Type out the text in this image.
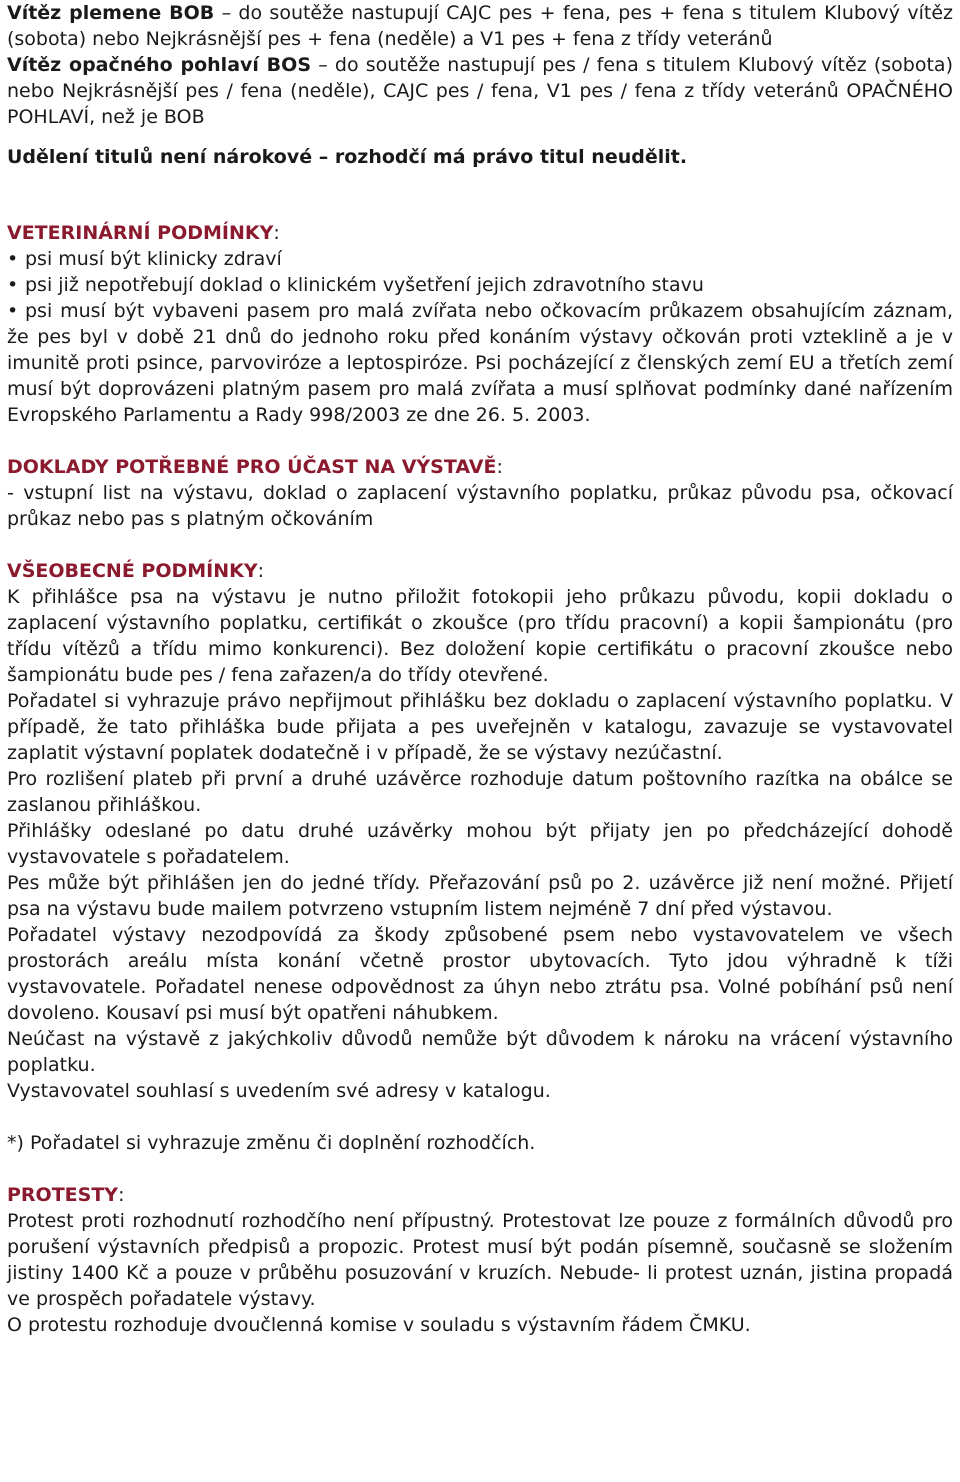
Vítěz plemene BOB – do soutěže nastupují CAJC pes + fena, pes + fena s titulem Klubový vítěz (sobota) nebo Nejkrásnější pes + fena (neděle) a V1 pes + fena z třídy veteránů

Vítěz opačného pohlaví BOS – do soutěže nastupují pes / fena s titulem Klubový vítěz (sobota) nebo Nejkrásnější pes / fena (neděle), CAJC pes / fena, V1 pes / fena z třídy veteránů OPAČNÉHO POHLAVÍ, než je BOB

Udělení titulů není nárokové – rozhodčí má právo titul neudělit.

VETERINÁRNÍ PODMÍNKY:

• psi musí být klinicky zdraví

• psi již nepotřebují doklad o klinickém vyšetření jejich zdravotního stavu

• psi musí být vybaveni pasem pro malá zvířata nebo očkovacím průkazem obsahujícím záznam, že pes byl v době 21 dnů do jednoho roku před konáním výstavy očkován proti vzteklině a je v imunitě proti psince, parvoviróze a leptospiróze. Psi pocházející z členských zemí EU a třetích zemí musí být doprovázeni platným pasem pro malá zvířata a musí splňovat podmínky dané nařízením Evropského Parlamentu a Rady 998/2003 ze dne 26. 5. 2003.

DOKLADY POTŘEBNÉ PRO ÚČAST NA VÝSTAVĚ:

- vstupní list na výstavu, doklad o zaplacení výstavního poplatku, průkaz původu psa, očkovací průkaz nebo pas s platným očkováním

VŠEOBECNÉ PODMÍNKY:

K přihlášce psa na výstavu je nutno přiložit fotokopii jeho průkazu původu, kopii dokladu o zaplacení výstavního poplatku, certifikát o zkoušce (pro třídu pracovní) a kopii šampionátu (pro třídu vítězů a třídu mimo konkurenci). Bez doložení kopie certifikátu o pracovní zkoušce nebo šampionátu bude pes / fena zařazen/a do třídy otevřené.

Pořadatel si vyhrazuje právo nepřijmout přihlášku bez dokladu o zaplacení výstavního poplatku. V případě, že tato přihláška bude přijata a pes uveřejněn v katalogu, zavazuje se vystavovatel zaplatit výstavní poplatek dodatečně i v případě, že se výstavy nezúčastní.

Pro rozlišení plateb při první a druhé uzávěrce rozhoduje datum poštovního razítka na obálce se zaslanou přihláškou.

Přihlášky odeslané po datu druhé uzávěrky mohou být přijaty jen po předcházející dohodě vystavovatele s pořadatelem.

Pes může být přihlášen jen do jedné třídy. Přeřazování psů po 2. uzávěrce již není možné. Přijetí psa na výstavu bude mailem potvrzeno vstupním listem nejméně 7 dní před výstavou.

Pořadatel výstavy nezodpovídá za škody způsobené psem nebo vystavovatelem ve všech prostorách areálu místa konání včetně prostor ubytovacích. Tyto jdou výhradně k tíži vystavovatele. Pořadatel nenese odpovědnost za úhyn nebo ztrátu psa. Volné pobíhání psů není dovoleno. Kousaví psi musí být opatřeni náhubkem.

Neúčast na výstavě z jakýchkoliv důvodů nemůže být důvodem k nároku na vrácení výstavního poplatku.

Vystavovatel souhlasí s uvedením své adresy v katalogu.

*) Pořadatel si vyhrazuje změnu či doplnění rozhodčích.

PROTESTY:

Protest proti rozhodnutí rozhodčího není přípustný. Protestovat lze pouze z formálních důvodů pro porušení výstavních předpisů a propozic. Protest musí být podán písemně, současně se složením jistiny 1400 Kč a pouze v průběhu posuzování v kruzích. Nebude- li protest uznán, jistina propadá ve prospěch pořadatele výstavy.

O protestu rozhoduje dvoučlenná komise v souladu s výstavním řádem ČMKU.
